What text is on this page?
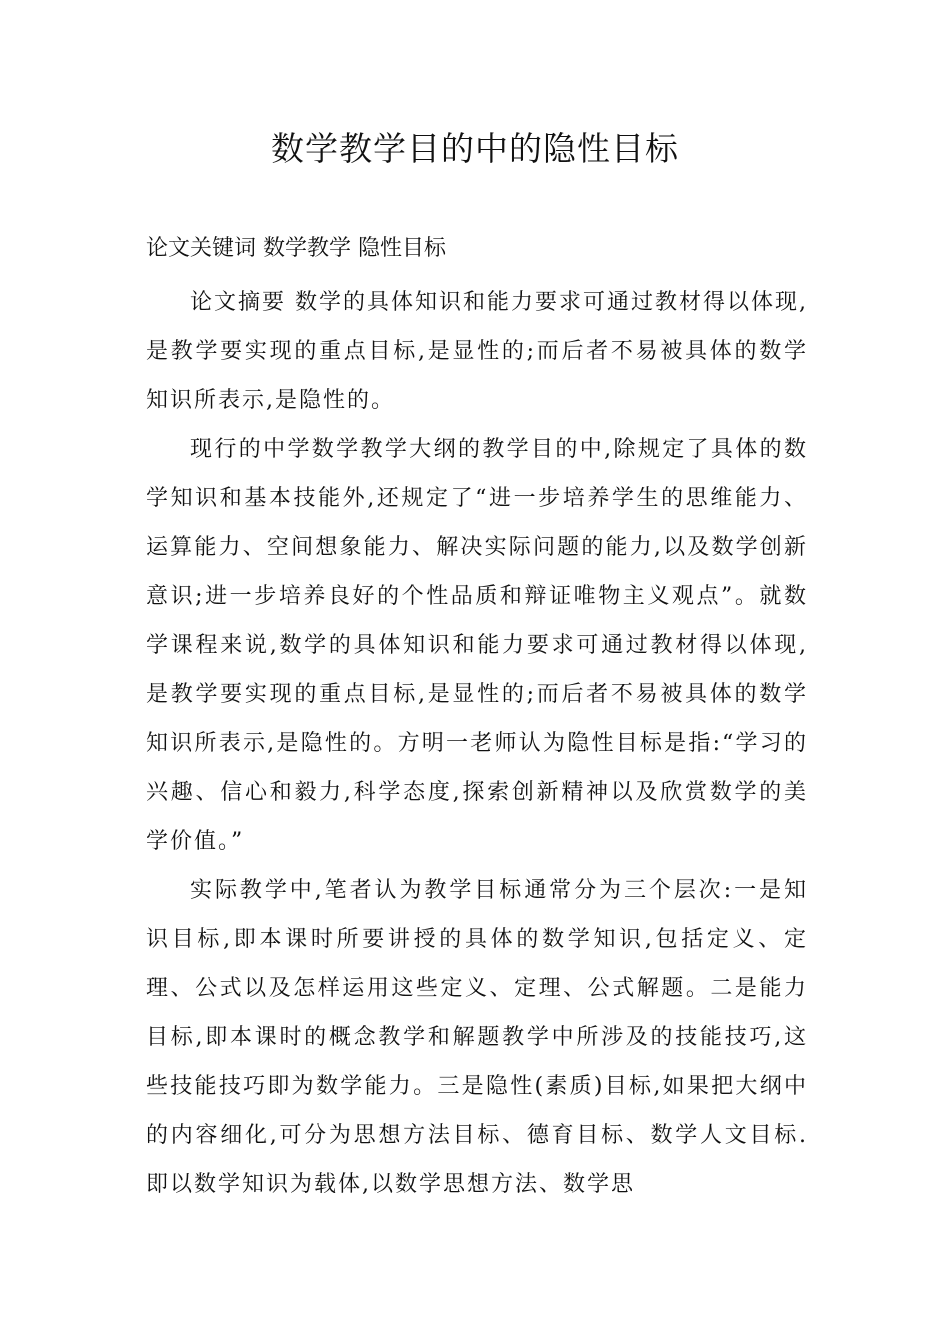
数学教学目的中的隐性目标

论文关键词 数学教学 隐性目标

论文摘要 数学的具体知识和能力要求可通过教材得以体现,是教学要实现的重点目标,是显性的;而后者不易被具体的数学知识所表示,是隐性的。

现行的中学数学教学大纲的教学目的中,除规定了具体的数学知识和基本技能外,还规定了“进一步培养学生的思维能力、运算能力、空间想象能力、解决实际问题的能力,以及数学创新意识;进一步培养良好的个性品质和辩证唯物主义观点”。就数学课程来说,数学的具体知识和能力要求可通过教材得以体现,是教学要实现的重点目标,是显性的;而后者不易被具体的数学知识所表示,是隐性的。方明一老师认为隐性目标是指:“学习的兴趣、信心和毅力,科学态度,探索创新精神以及欣赏数学的美学价值。”

实际教学中,笔者认为教学目标通常分为三个层次:一是知识目标,即本课时所要讲授的具体的数学知识,包括定义、定理、公式以及怎样运用这些定义、定理、公式解题。二是能力目标,即本课时的概念教学和解题教学中所涉及的技能技巧,这些技能技巧即为数学能力。三是隐性(素质)目标,如果把大纲中的内容细化,可分为思想方法目标、德育目标、数学人文目标.即以数学知识为载体,以数学思想方法、数学思
